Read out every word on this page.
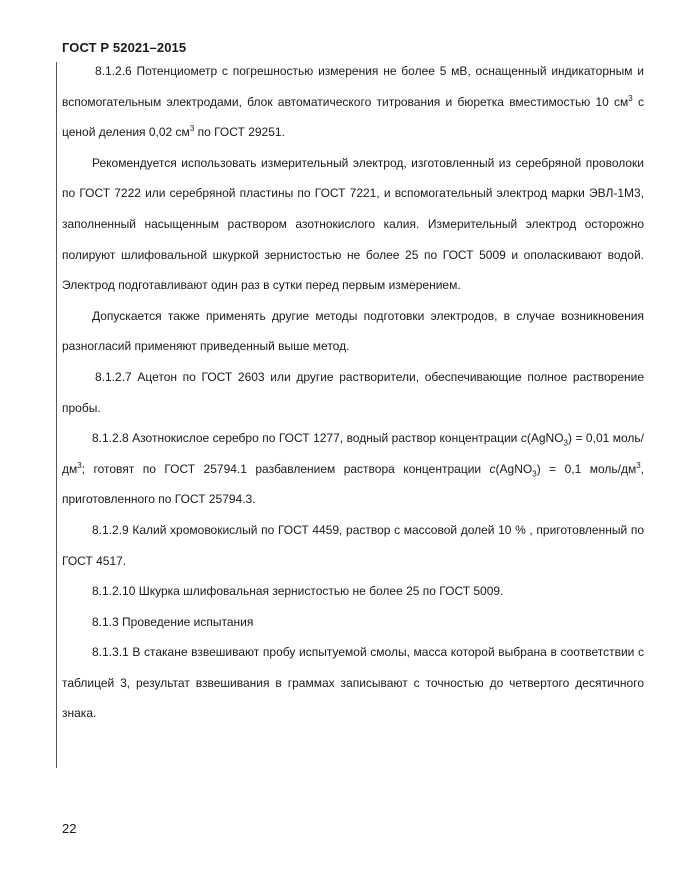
ГОСТ Р 52021–2015

8.1.2.6 Потенциометр с погрешностью измерения не более 5 мВ, оснащенный индикаторным и вспомогательным электродами, блок автоматического титрования и бюретка вместимостью 10 $см^3$ с ценой деления 0,02 $см^3$ по ГОСТ 29251.

Рекомендуется использовать измерительный электрод, изготовленный из серебряной проволоки по ГОСТ 7222 или серебряной пластины по ГОСТ 7221, и вспомогательный электрод марки ЭВЛ-1М3, заполненный насыщенным раствором азотнокислого калия. Измерительный электрод осторожно полируют шлифовальной шкуркой зернистостью не более 25 по ГОСТ 5009 и ополаскивают водой. Электрод подготавливают один раз в сутки перед первым измерением.

Допускается также применять другие методы подготовки электродов, в случае возникновения разногласий применяют приведенный выше метод.

8.1.2.7 Ацетон по ГОСТ 2603 или другие растворители, обеспечивающие полное растворение пробы.

8.1.2.8 Азотнокислое серебро по ГОСТ 1277, водный раствор концентрации c(AgNO$_3$) = 0,01 моль/$дм^3$; готовят по ГОСТ 25794.1 разбавлением раствора концентрации c(AgNO$_3$) = 0,1 моль/$дм^3$, приготовленного по ГОСТ 25794.3.

8.1.2.9 Калий хромовокислый по ГОСТ 4459, раствор с массовой долей 10 % , приготовленный по ГОСТ 4517.

8.1.2.10 Шкурка шлифовальная зернистостью не более 25 по ГОСТ 5009.

8.1.3 Проведение испытания

8.1.3.1 В стакане взвешивают пробу испытуемой смолы, масса которой выбрана в соответствии с таблицей 3, результат взвешивания в граммах записывают с точностью до четвертого десятичного знака.

22
